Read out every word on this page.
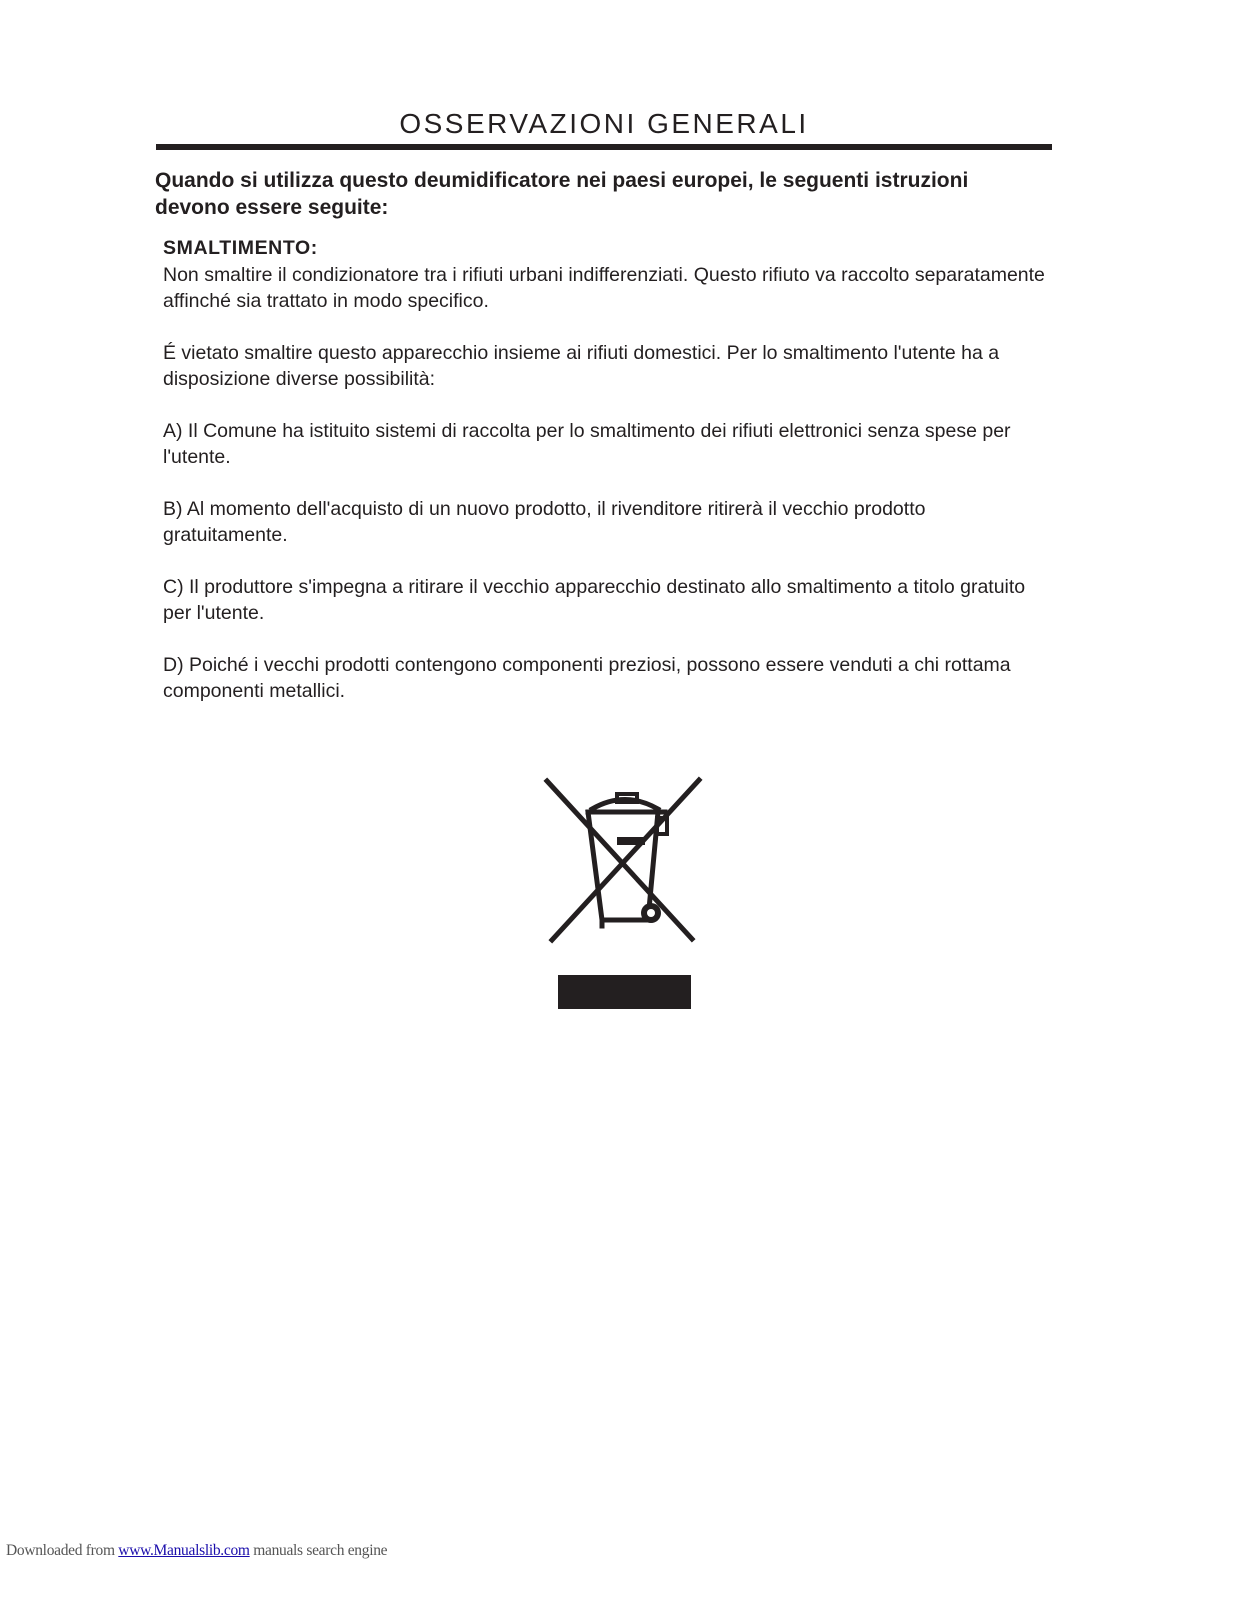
OSSERVAZIONI GENERALI

Quando si utilizza questo deumidificatore nei paesi europei, le seguenti istruzioni devono essere seguite:

SMALTIMENTO:

Non smaltire il condizionatore tra i rifiuti urbani indifferenziati. Questo rifiuto va raccolto separatamente affinché sia trattato in modo specifico.

É vietato smaltire questo apparecchio insieme ai rifiuti domestici. Per lo smaltimento l'utente ha a disposizione diverse possibilità:

A) Il Comune ha istituito sistemi di raccolta per lo smaltimento dei rifiuti elettronici senza spese per l'utente.

B) Al momento dell'acquisto di un nuovo prodotto, il rivenditore ritirerà il vecchio prodotto gratuitamente.

C) Il produttore s'impegna a ritirare il vecchio apparecchio destinato allo smaltimento a titolo gratuito per l'utente.

D) Poiché i vecchi prodotti contengono componenti preziosi, possono essere venduti a chi rottama componenti metallici.

Downloaded from www.Manualslib.com manuals search engine
